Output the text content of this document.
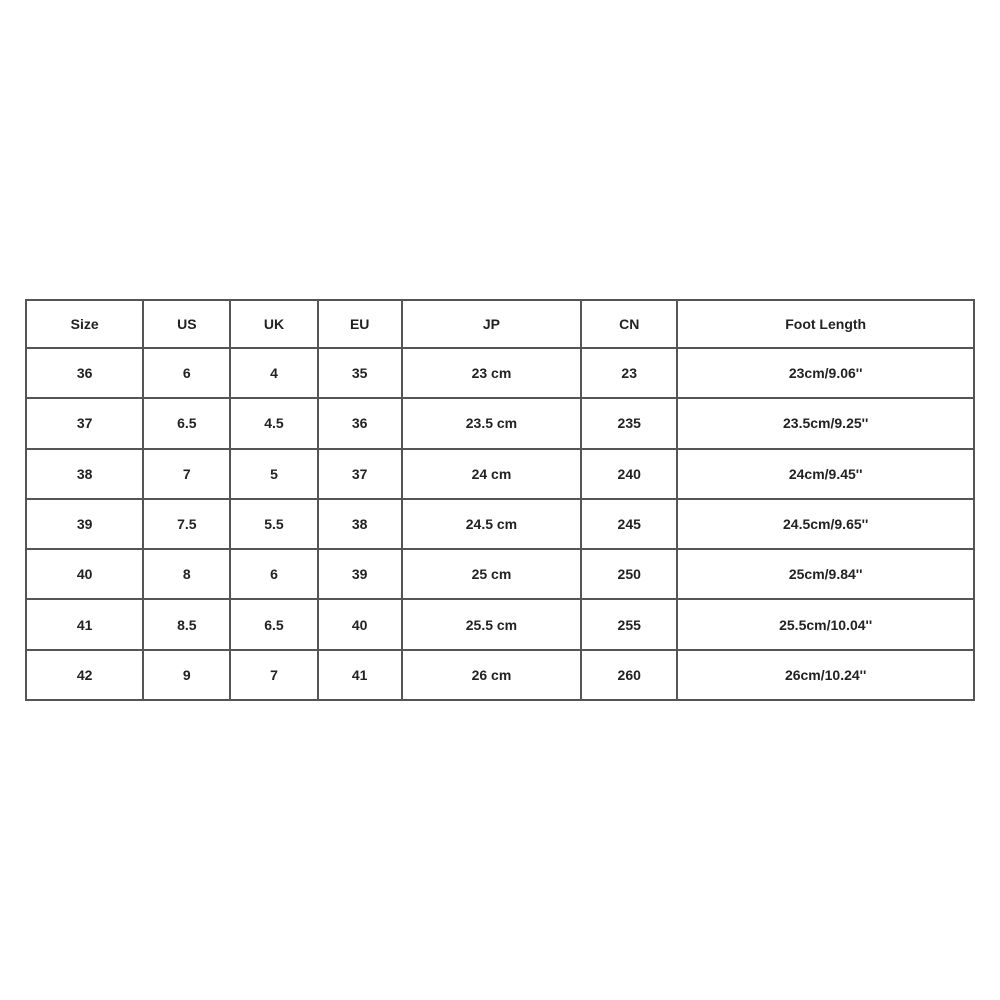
Size	US	UK	EU	JP	CN	Foot Length
36	6	4	35	23 cm	23	23cm/9.06''
37	6.5	4.5	36	23.5 cm	235	23.5cm/9.25''
38	7	5	37	24 cm	240	24cm/9.45''
39	7.5	5.5	38	24.5 cm	245	24.5cm/9.65''
40	8	6	39	25 cm	250	25cm/9.84''
41	8.5	6.5	40	25.5 cm	255	25.5cm/10.04''
42	9	7	41	26 cm	260	26cm/10.24''
